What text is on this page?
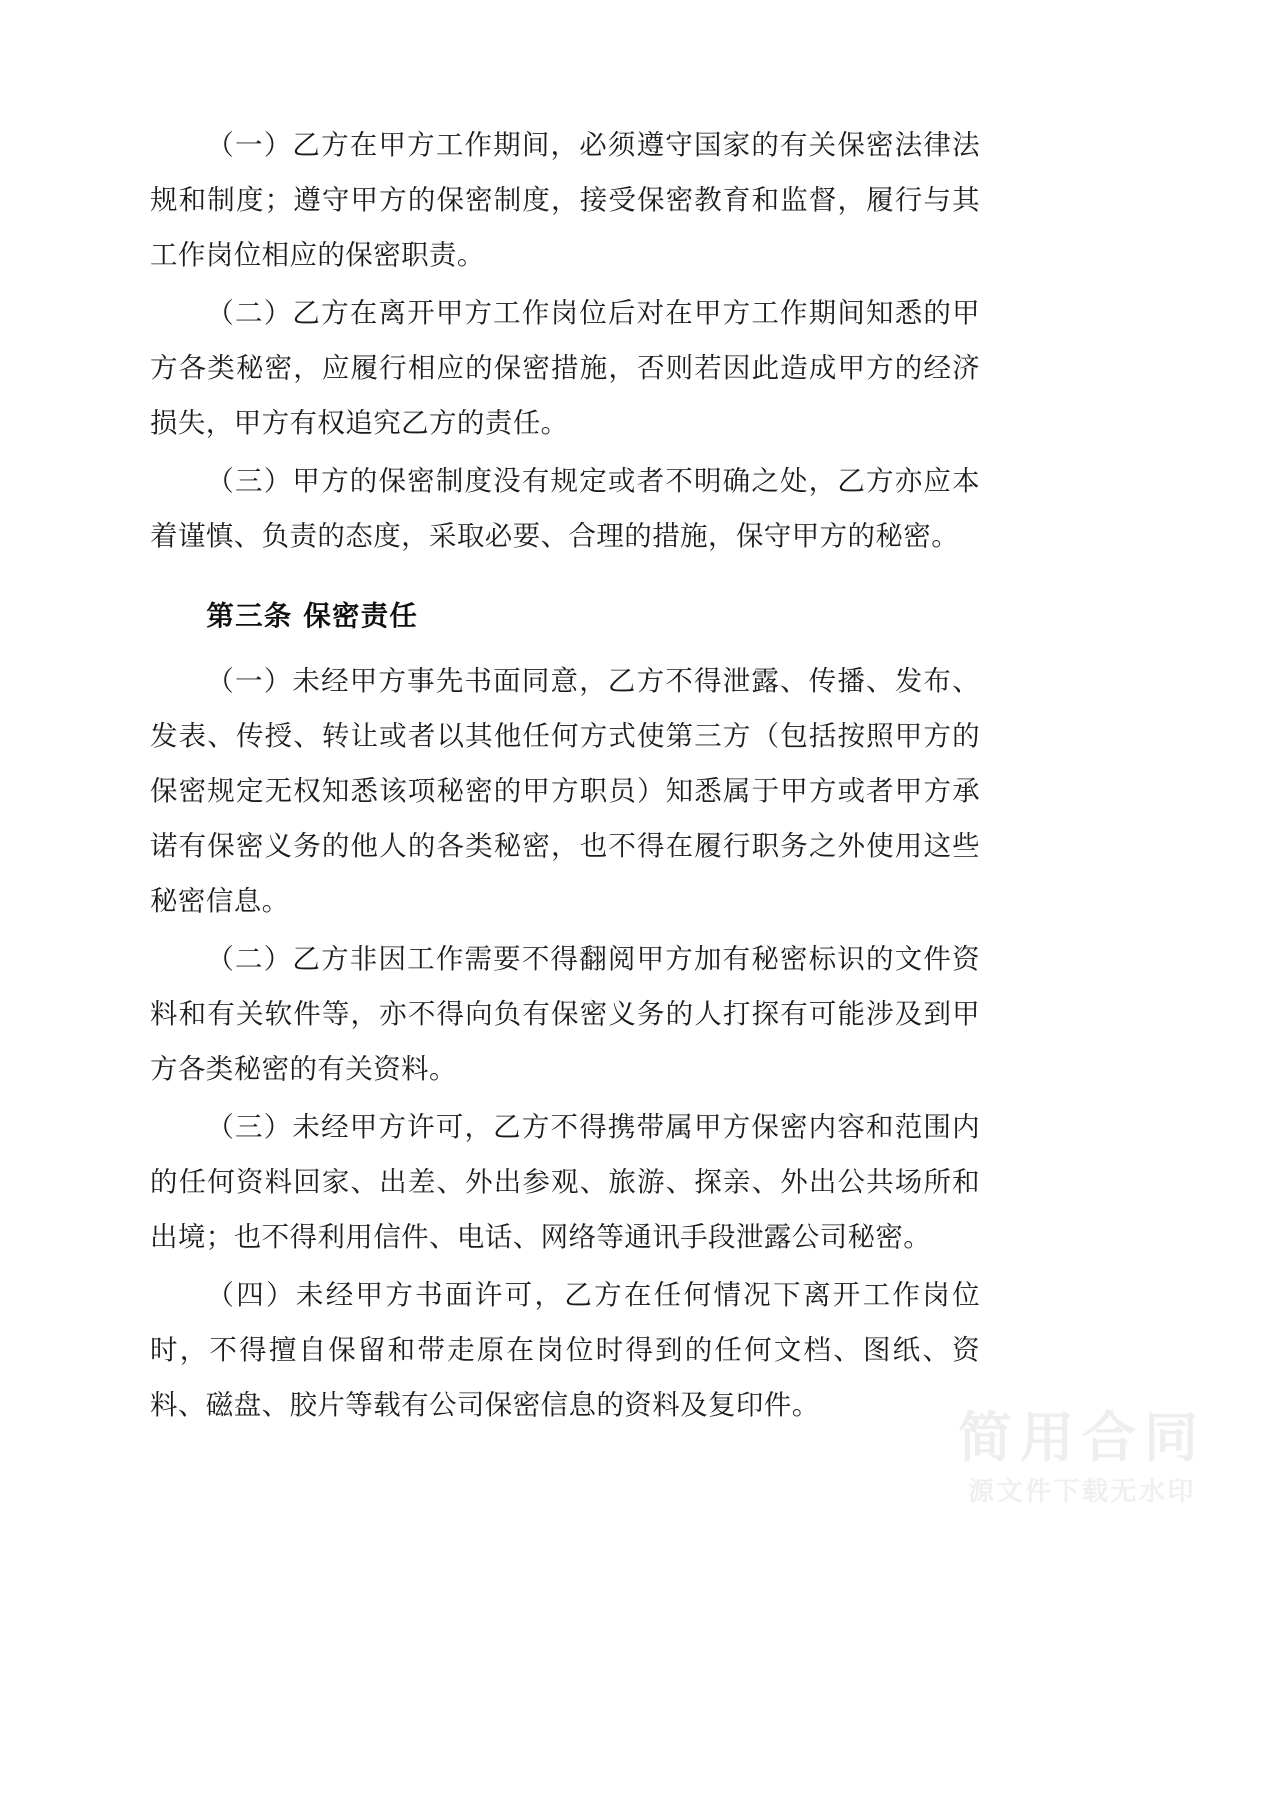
（一）乙方在甲方工作期间，必须遵守国家的有关保密法律法规和制度；遵守甲方的保密制度，接受保密教育和监督，履行与其工作岗位相应的保密职责。

（二）乙方在离开甲方工作岗位后对在甲方工作期间知悉的甲方各类秘密，应履行相应的保密措施，否则若因此造成甲方的经济损失，甲方有权追究乙方的责任。

（三）甲方的保密制度没有规定或者不明确之处，乙方亦应本着谨慎、负责的态度，采取必要、合理的措施，保守甲方的秘密。

第三条 保密责任

（一）未经甲方事先书面同意，乙方不得泄露、传播、发布、发表、传授、转让或者以其他任何方式使第三方（包括按照甲方的保密规定无权知悉该项秘密的甲方职员）知悉属于甲方或者甲方承诺有保密义务的他人的各类秘密，也不得在履行职务之外使用这些秘密信息。

（二）乙方非因工作需要不得翻阅甲方加有秘密标识的文件资料和有关软件等，亦不得向负有保密义务的人打探有可能涉及到甲方各类秘密的有关资料。

（三）未经甲方许可，乙方不得携带属甲方保密内容和范围内的任何资料回家、出差、外出参观、旅游、探亲、外出公共场所和出境；也不得利用信件、电话、网络等通讯手段泄露公司秘密。

（四）未经甲方书面许可，乙方在任何情况下离开工作岗位时，不得擅自保留和带走原在岗位时得到的任何文档、图纸、资料、磁盘、胶片等载有公司保密信息的资料及复印件。

简用合同
源文件下载无水印
